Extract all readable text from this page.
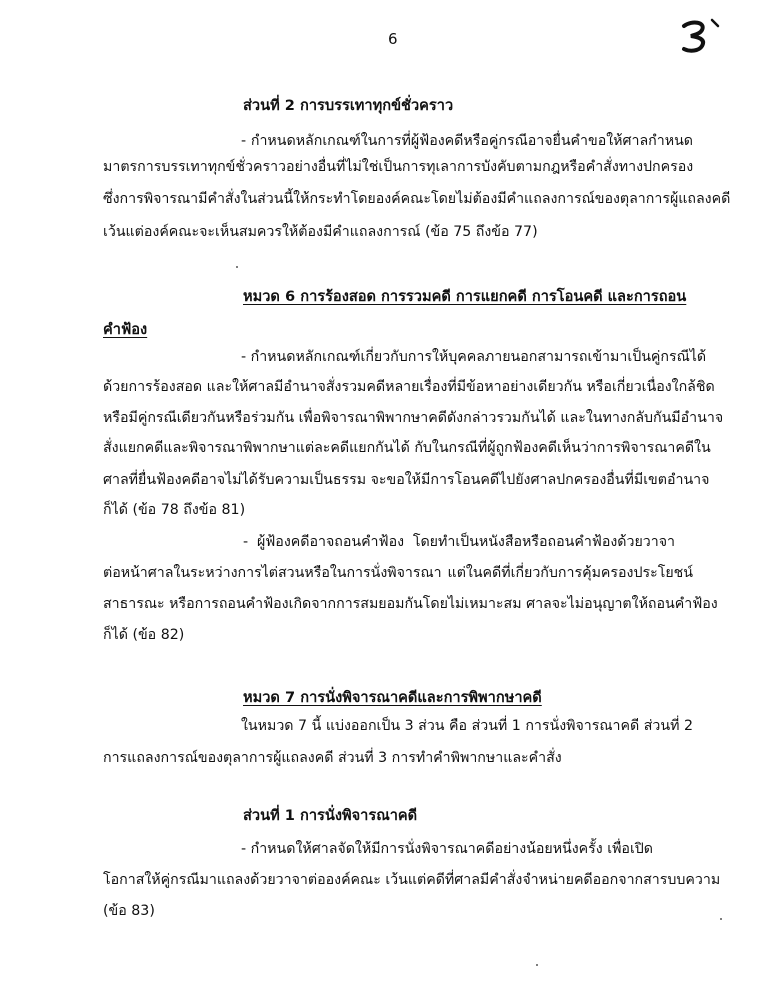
6
ส่วนที่ 2 การบรรเทาทุกข์ชั่วคราว
- กำหนดหลักเกณฑ์ในการที่ผู้ฟ้องคดีหรือคู่กรณีอาจยื่นคำขอให้ศาลกำหนด
มาตรการบรรเทาทุกข์ชั่วคราวอย่างอื่นที่ไม่ใช่เป็นการทุเลาการบังคับตามกฎหรือคำสั่งทางปกครอง
ซึ่งการพิจารณามีคำสั่งในส่วนนี้ให้กระทำโดยองค์คณะโดยไม่ต้องมีคำแถลงการณ์ของตุลาการผู้แถลงคดี
เว้นแต่องค์คณะจะเห็นสมควรให้ต้องมีคำแถลงการณ์ (ข้อ 75 ถึงข้อ 77)
หมวด 6 การร้องสอด การรวมคดี การแยกคดี การโอนคดี และการถอน
คำฟ้อง
- กำหนดหลักเกณฑ์เกี่ยวกับการให้บุคคลภายนอกสามารถเข้ามาเป็นคู่กรณีได้
ด้วยการร้องสอด และให้ศาลมีอำนาจสั่งรวมคดีหลายเรื่องที่มีข้อหาอย่างเดียวกัน หรือเกี่ยวเนื่องใกล้ชิด
หรือมีคู่กรณีเดียวกันหรือร่วมกัน เพื่อพิจารณาพิพากษาคดีดังกล่าวรวมกันได้ และในทางกลับกันมีอำนาจ
สั่งแยกคดีและพิจารณาพิพากษาแต่ละคดีแยกกันได้ กับในกรณีที่ผู้ถูกฟ้องคดีเห็นว่าการพิจารณาคดีใน
ศาลที่ยื่นฟ้องคดีอาจไม่ได้รับความเป็นธรรม จะขอให้มีการโอนคดีไปยังศาลปกครองอื่นที่มีเขตอำนาจ
ก็ได้ (ข้อ 78 ถึงข้อ 81)
- ผู้ฟ้องคดีอาจถอนคำฟ้อง โดยทำเป็นหนังสือหรือถอนคำฟ้องด้วยวาจา
ต่อหน้าศาลในระหว่างการไต่สวนหรือในการนั่งพิจารณา แต่ในคดีที่เกี่ยวกับการคุ้มครองประโยชน์
สาธารณะ หรือการถอนคำฟ้องเกิดจากการสมยอมกันโดยไม่เหมาะสม ศาลจะไม่อนุญาตให้ถอนคำฟ้อง
ก็ได้ (ข้อ 82)
หมวด 7 การนั่งพิจารณาคดีและการพิพากษาคดี
ในหมวด 7 นี้ แบ่งออกเป็น 3 ส่วน คือ ส่วนที่ 1 การนั่งพิจารณาคดี ส่วนที่ 2
การแถลงการณ์ของตุลาการผู้แถลงคดี ส่วนที่ 3 การทำคำพิพากษาและคำสั่ง
ส่วนที่ 1 การนั่งพิจารณาคดี
- กำหนดให้ศาลจัดให้มีการนั่งพิจารณาคดีอย่างน้อยหนึ่งครั้ง เพื่อเปิด
โอกาสให้คู่กรณีมาแถลงด้วยวาจาต่อองค์คณะ เว้นแต่คดีที่ศาลมีคำสั่งจำหน่ายคดีออกจากสารบบความ
(ข้อ 83)
